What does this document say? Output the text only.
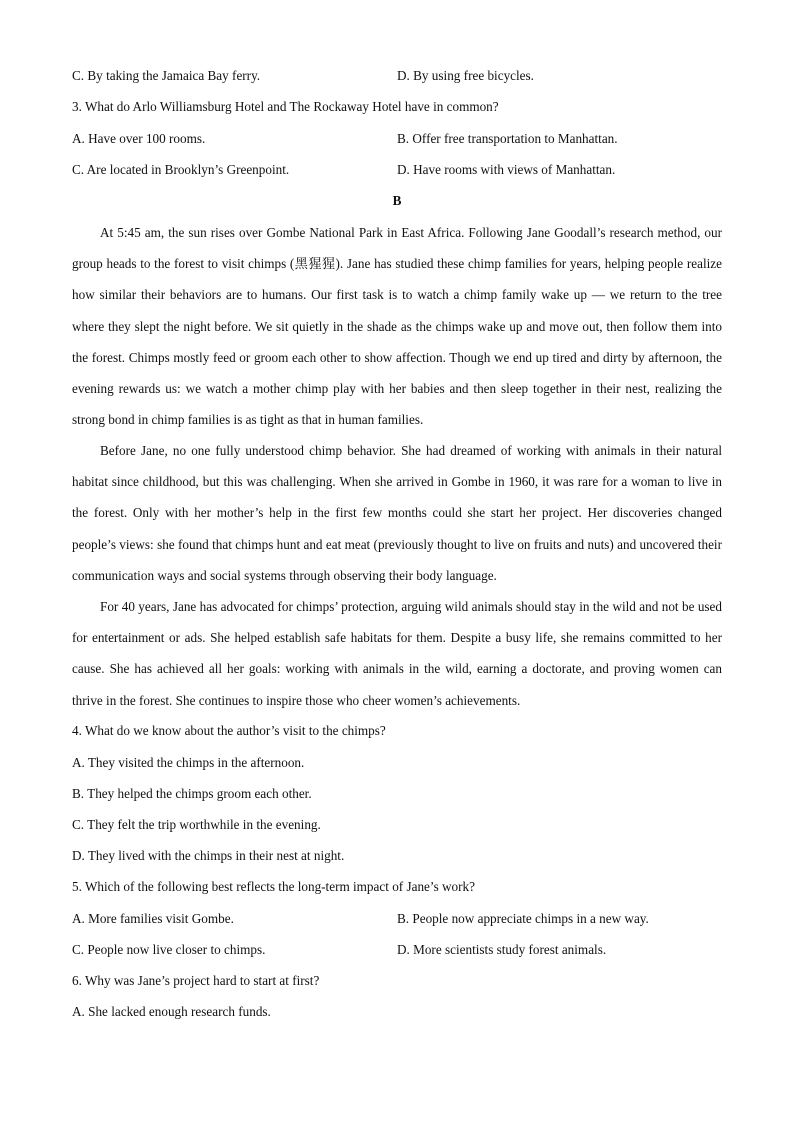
C. By taking the Jamaica Bay ferry.	D. By using free bicycles.
3. What do Arlo Williamsburg Hotel and The Rockaway Hotel have in common?
A. Have over 100 rooms.	B. Offer free transportation to Manhattan.
C. Are located in Brooklyn’s Greenpoint.	D. Have rooms with views of Manhattan.
B
At 5:45 am, the sun rises over Gombe National Park in East Africa. Following Jane Goodall’s research method, our group heads to the forest to visit chimps (黑猩猩). Jane has studied these chimp families for years, helping people realize how similar their behaviors are to humans. Our first task is to watch a chimp family wake up — we return to the tree where they slept the night before. We sit quietly in the shade as the chimps wake up and move out, then follow them into the forest. Chimps mostly feed or groom each other to show affection. Though we end up tired and dirty by afternoon, the evening rewards us: we watch a mother chimp play with her babies and then sleep together in their nest, realizing the strong bond in chimp families is as tight as that in human families.
Before Jane, no one fully understood chimp behavior. She had dreamed of working with animals in their natural habitat since childhood, but this was challenging. When she arrived in Gombe in 1960, it was rare for a woman to live in the forest. Only with her mother’s help in the first few months could she start her project. Her discoveries changed people’s views: she found that chimps hunt and eat meat (previously thought to live on fruits and nuts) and uncovered their communication ways and social systems through observing their body language.
For 40 years, Jane has advocated for chimps’ protection, arguing wild animals should stay in the wild and not be used for entertainment or ads. She helped establish safe habitats for them. Despite a busy life, she remains committed to her cause. She has achieved all her goals: working with animals in the wild, earning a doctorate, and proving women can thrive in the forest. She continues to inspire those who cheer women’s achievements.
4. What do we know about the author’s visit to the chimps?
A. They visited the chimps in the afternoon.
B. They helped the chimps groom each other.
C. They felt the trip worthwhile in the evening.
D. They lived with the chimps in their nest at night.
5. Which of the following best reflects the long-term impact of Jane’s work?
A. More families visit Gombe.	B. People now appreciate chimps in a new way.
C. People now live closer to chimps.	D. More scientists study forest animals.
6. Why was Jane’s project hard to start at first?
A. She lacked enough research funds.
